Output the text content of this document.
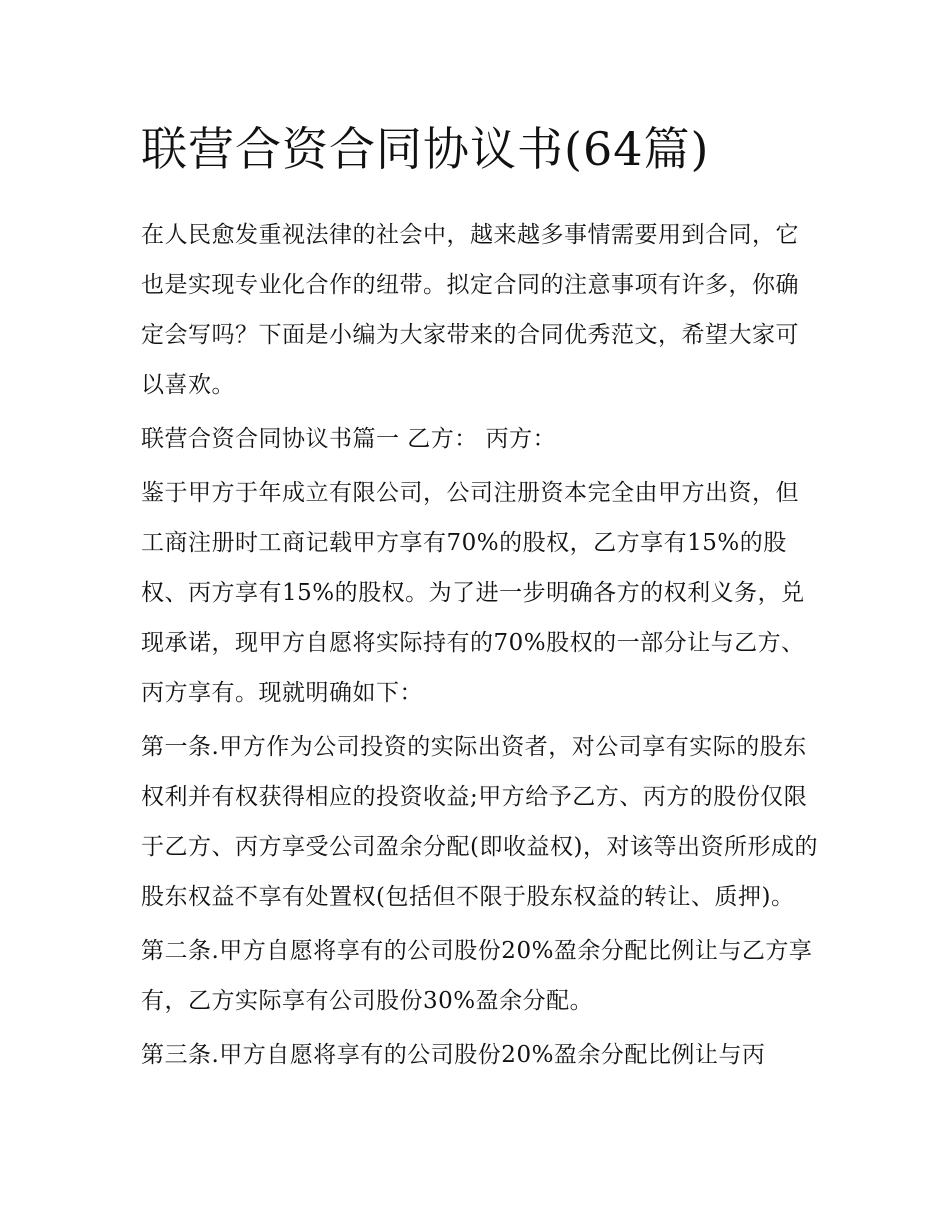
联营合资合同协议书(64篇)

在人民愈发重视法律的社会中，越来越多事情需要用到合同，它也是实现专业化合作的纽带。拟定合同的注意事项有许多，你确定会写吗？下面是小编为大家带来的合同优秀范文，希望大家可以喜欢。

联营合资合同协议书篇一 乙方： 丙方：

鉴于甲方于年成立有限公司，公司注册资本完全由甲方出资，但工商注册时工商记载甲方享有70%的股权，乙方享有15%的股权、丙方享有15%的股权。为了进一步明确各方的权利义务，兑现承诺，现甲方自愿将实际持有的70%股权的一部分让与乙方、丙方享有。现就明确如下：

第一条.甲方作为公司投资的实际出资者，对公司享有实际的股东权利并有权获得相应的投资收益;甲方给予乙方、丙方的股份仅限于乙方、丙方享受公司盈余分配(即收益权)，对该等出资所形成的股东权益不享有处置权(包括但不限于股东权益的转让、质押)。

第二条.甲方自愿将享有的公司股份20%盈余分配比例让与乙方享有，乙方实际享有公司股份30%盈余分配。

第三条.甲方自愿将享有的公司股份20%盈余分配比例让与丙
